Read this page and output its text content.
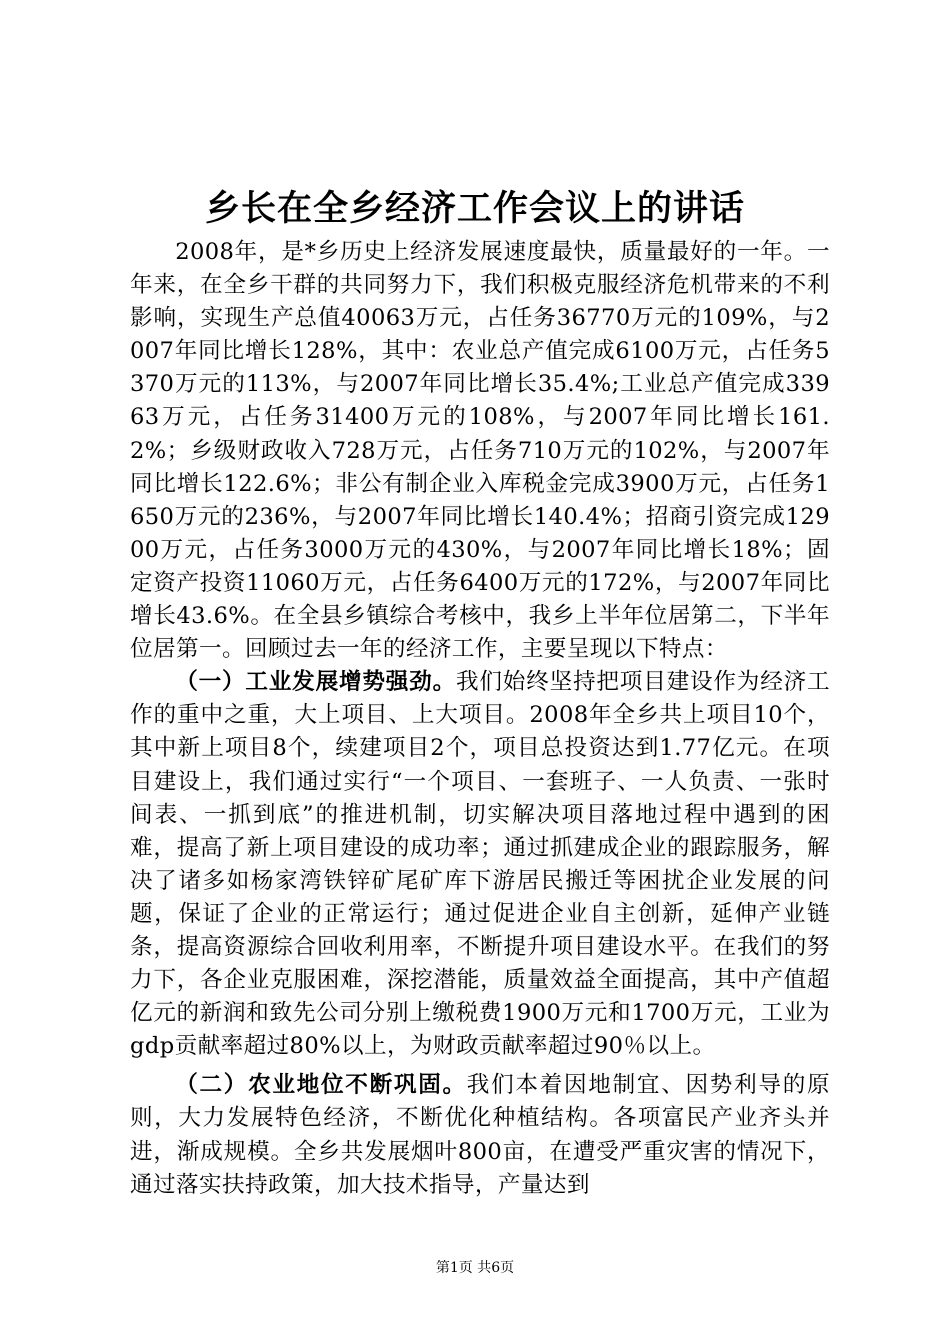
乡长在全乡经济工作会议上的讲话

2008年，是*乡历史上经济发展速度最快，质量最好的一年。一年来，在全乡干群的共同努力下，我们积极克服经济危机带来的不利影响，实现生产总值40063万元，占任务36770万元的109%，与2007年同比增长128%，其中：农业总产值完成6100万元，占任务5370万元的113%，与2007年同比增长35.4%;工业总产值完成33963万元，占任务31400万元的108%，与2007年同比增长161.2%；乡级财政收入728万元，占任务710万元的102%，与2007年同比增长122.6%；非公有制企业入库税金完成3900万元，占任务1650万元的236%，与2007年同比增长140.4%；招商引资完成12900万元，占任务3000万元的430%，与2007年同比增长18%；固定资产投资11060万元，占任务6400万元的172%，与2007年同比增长43.6%。在全县乡镇综合考核中，我乡上半年位居第二，下半年位居第一。回顾过去一年的经济工作，主要呈现以下特点：

（一）工业发展增势强劲。我们始终坚持把项目建设作为经济工作的重中之重，大上项目、上大项目。2008年全乡共上项目10个，其中新上项目8个，续建项目2个，项目总投资达到1.77亿元。在项目建设上，我们通过实行“一个项目、一套班子、一人负责、一张时间表、一抓到底”的推进机制，切实解决项目落地过程中遇到的困难，提高了新上项目建设的成功率；通过抓建成企业的跟踪服务，解决了诸多如杨家湾铁锌矿尾矿库下游居民搬迁等困扰企业发展的问题，保证了企业的正常运行；通过促进企业自主创新，延伸产业链条，提高资源综合回收利用率，不断提升项目建设水平。在我们的努力下，各企业克服困难，深挖潜能，质量效益全面提高，其中产值超亿元的新润和致先公司分别上缴税费1900万元和1700万元，工业为gdp贡献率超过80%以上，为财政贡献率超过90％以上。

（二）农业地位不断巩固。我们本着因地制宜、因势利导的原则，大力发展特色经济，不断优化种植结构。各项富民产业齐头并进，渐成规模。全乡共发展烟叶800亩，在遭受严重灾害的情况下，通过落实扶持政策，加大技术指导，产量达到

第1页 共6页
